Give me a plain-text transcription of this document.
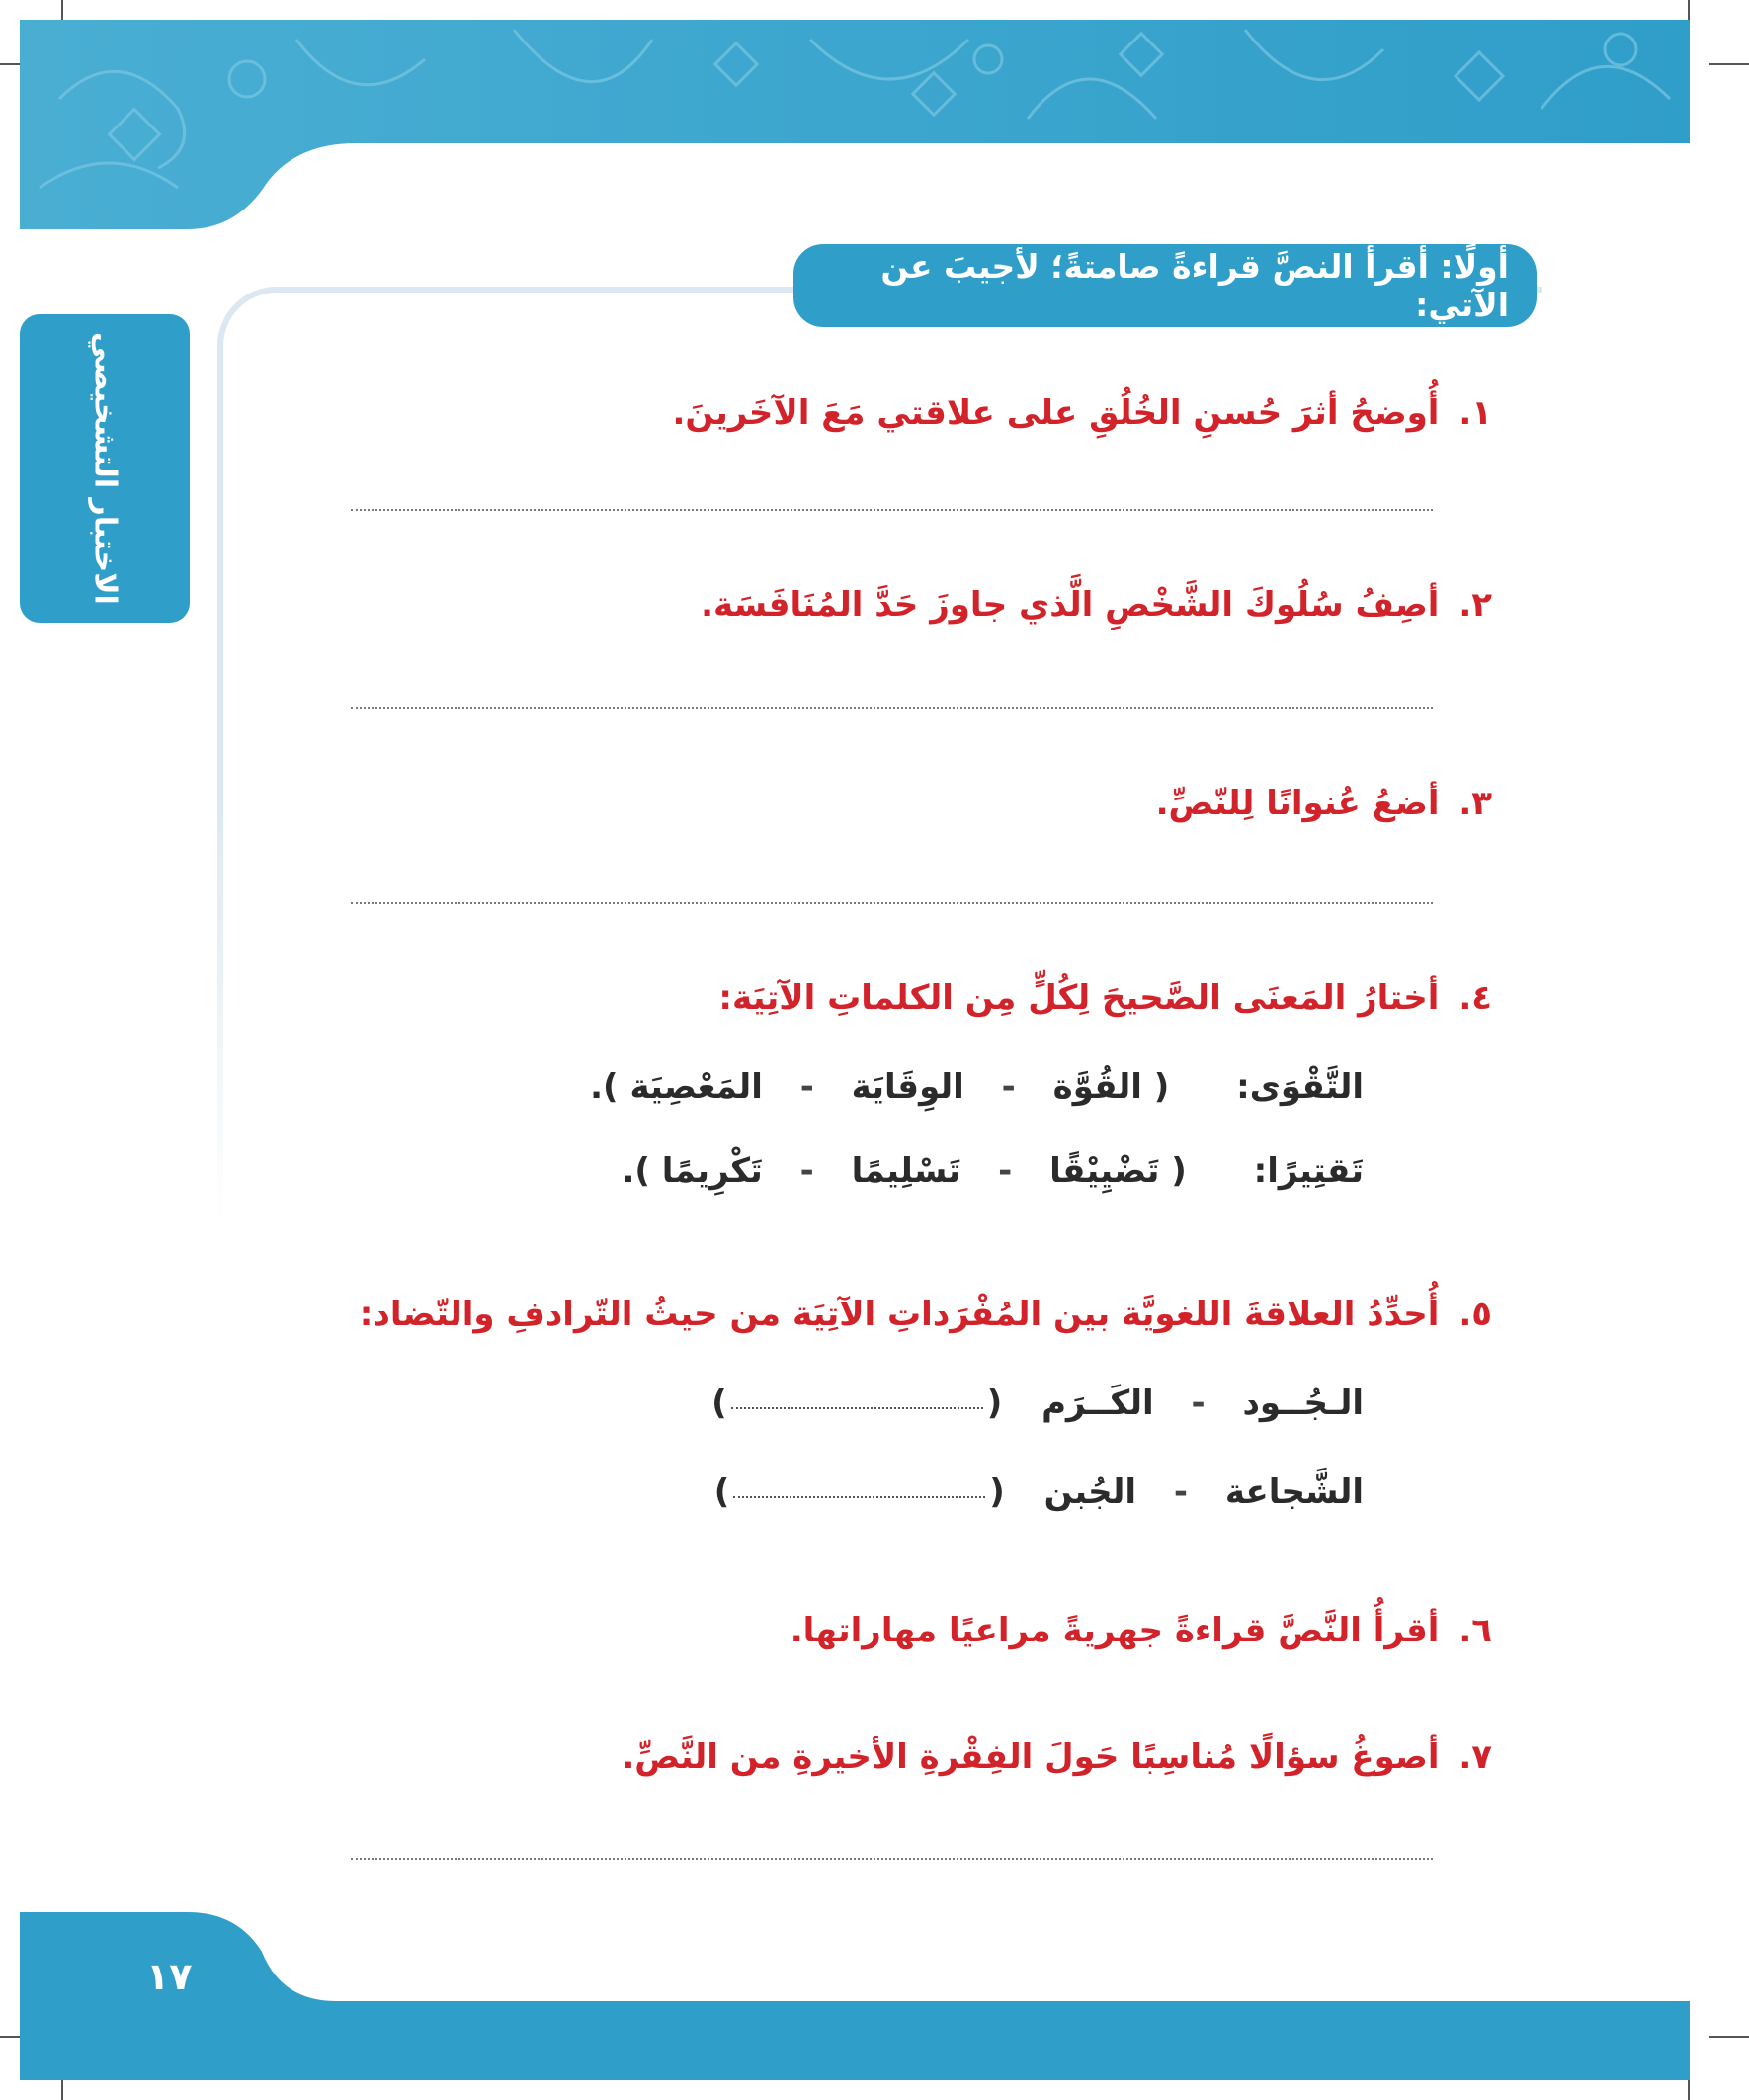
الاختبار التشخيصي
أولًا: أقرأُ النصَّ قراءةً صامتةً؛ لأجيبَ عن الآتي:
١. أُوضحُ أثرَ حُسنِ الخُلُقِ على علاقتي مَعَ الآخَرينَ.
٢. أصِفُ سُلُوكَ الشَّخْصِ الَّذي جاوزَ حَدَّ المُنَافَسَة.
٣. أضعُ عُنوانًا لِلنّصِّ.
٤. أختارُ المَعنَى الصَّحيحَ لِكُلٍّ مِن الكلماتِ الآتِيَة:
التَّقْوَى: ( القُوَّة - الوِقَايَة - المَعْصِيَة ).
تَقتِيرًا: ( تَضْيِيْقًا - تَسْلِيمًا - تَكْرِيمًا ).
٥. أُحدِّدُ العلاقةَ اللغويَّة بين المُفْرَداتِ الآتِيَة من حيثُ التّرادفِ والتّضاد:
الـجُــود - الكَــرَم ()
الشَّجاعة - الجُبن ()
٦. أقرأُ النَّصَّ قراءةً جهريةً مراعيًا مهاراتها.
٧. أصوغُ سؤالًا مُناسِبًا حَولَ الفِقْرةِ الأخيرةِ من النَّصِّ.
١٧
